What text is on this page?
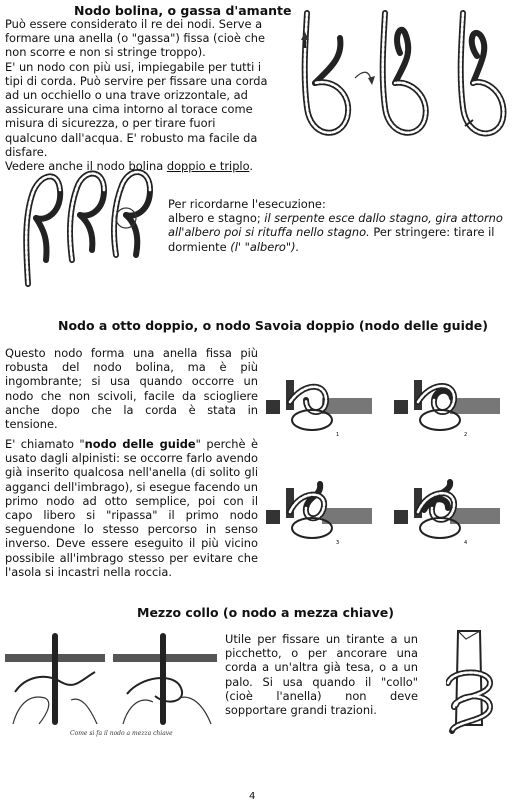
Nodo bolina, o gassa d'amante
Può essere considerato il re dei nodi. Serve a formare una anella (o "gassa") fissa (cioè che non scorre e non si stringe troppo).
E' un nodo con più usi, impiegabile per tutti i tipi di corda. Può servire per fissare una corda ad un occhiello o una trave orizzontale, ad assicurare una cima intorno al torace come misura di sicurezza, o per tirare fuori qualcuno dall'acqua. E' robusto ma facile da disfare.
Vedere anche il nodo bolina doppio e triplo.
Per ricordarne l'esecuzione:
albero e stagno; il serpente esce dallo stagno, gira attorno all'albero poi si rituffa nello stagno. Per stringere: tirare il dormiente (l' "albero").
Nodo a otto doppio, o nodo Savoia doppio (nodo delle guide)
Questo nodo forma una anella fissa più robusta del nodo bolina, ma è più ingombrante; si usa quando occorre un nodo che non scivoli, facile da sciogliere anche dopo che la corda è stata in tensione.
E' chiamato "nodo delle guide" perchè è usato dagli alpinisti: se occorre farlo avendo già inserito qualcosa nell'anella (di solito gli agganci dell'imbrago), si esegue facendo un primo nodo ad otto semplice, poi con il capo libero si "ripassa" il primo nodo seguendone lo stesso percorso in senso inverso. Deve essere eseguito il più vicino possibile all'imbrago stesso per evitare che l'asola si incastri nella roccia.
1	2
3	4
Mezzo collo (o nodo a mezza chiave)
Come si fa il nodo a mezza chiave
Utile per fissare un tirante a un picchetto, o per ancorare una corda a un'altra già tesa, o a un palo. Si usa quando il "collo" (cioè l'anella) non deve sopportare grandi trazioni.
4
